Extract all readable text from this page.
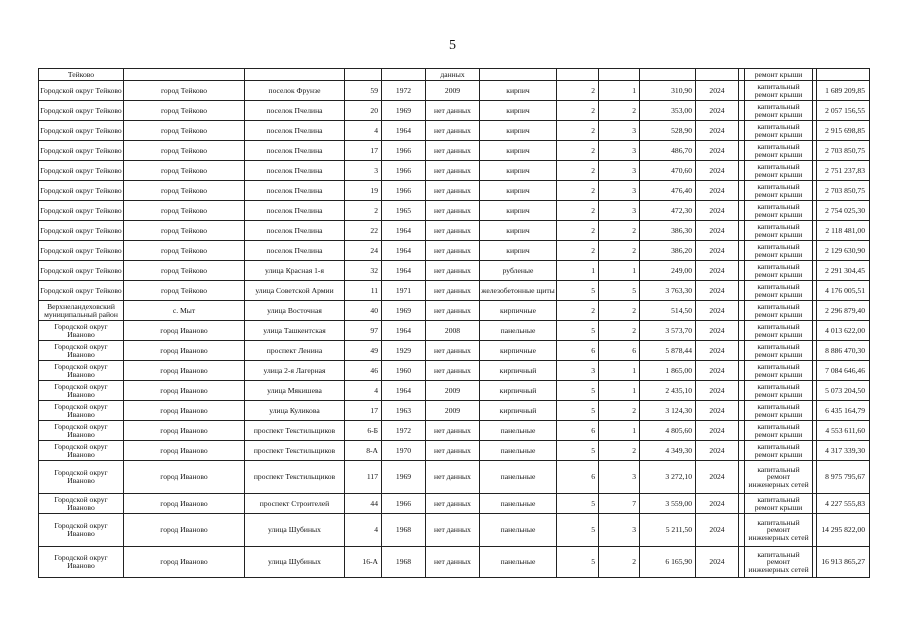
5
Тейково					данных							ремонт крыши		
Городской округ Тейково	город Тейково	поселок Фрунзе	59	1972	2009	кирпич	2	1	310,90	2024		капитальный ремонт крыши		1 689 209,85
Городской округ Тейково	город Тейково	поселок Пчелина	20	1969	нет данных	кирпич	2	2	353,00	2024		капитальный ремонт крыши		2 057 156,55
Городской округ Тейково	город Тейково	поселок Пчелина	4	1964	нет данных	кирпич	2	3	528,90	2024		капитальный ремонт крыши		2 915 698,85
Городской округ Тейково	город Тейково	поселок Пчелина	17	1966	нет данных	кирпич	2	3	486,70	2024		капитальный ремонт крыши		2 703 850,75
Городской округ Тейково	город Тейково	поселок Пчелина	3	1966	нет данных	кирпич	2	3	470,60	2024		капитальный ремонт крыши		2 751 237,83
Городской округ Тейково	город Тейково	поселок Пчелина	19	1966	нет данных	кирпич	2	3	476,40	2024		капитальный ремонт крыши		2 703 850,75
Городской округ Тейково	город Тейково	поселок Пчелина	2	1965	нет данных	кирпич	2	3	472,30	2024		капитальный ремонт крыши		2 754 025,30
Городской округ Тейково	город Тейково	поселок Пчелина	22	1964	нет данных	кирпич	2	2	386,30	2024		капитальный ремонт крыши		2 118 481,00
Городской округ Тейково	город Тейково	поселок Пчелина	24	1964	нет данных	кирпич	2	2	386,20	2024		капитальный ремонт крыши		2 129 630,90
Городской округ Тейково	город Тейково	улица Красная 1-я	32	1964	нет данных	рубленые	1	1	249,00	2024		капитальный ремонт крыши		2 291 304,45
Городской округ Тейково	город Тейково	улица Советской Армии	11	1971	нет данных	железобетонные щиты	5	5	3 763,30	2024		капитальный ремонт крыши		4 176 005,51
Верхнеландеховский муниципальный район	с. Мыт	улица Восточная	40	1969	нет данных	кирпичные	2	2	514,50	2024		капитальный ремонт крыши		2 296 879,40
Городской округ Иваново	город Иваново	улица Ташкентская	97	1964	2008	панельные	5	2	3 573,70	2024		капитальный ремонт крыши		4 013 622,00
Городской округ Иваново	город Иваново	проспект Ленина	49	1929	нет данных	кирпичные	6	6	5 878,44	2024		капитальный ремонт крыши		8 886 470,30
Городской округ Иваново	город Иваново	улица 2-я Лагерная	46	1960	нет данных	кирпичный	3	1	1 865,00	2024		капитальный ремонт крыши		7 084 646,46
Городской округ Иваново	город Иваново	улица Мякишева	4	1964	2009	кирпичный	5	1	2 435,10	2024		капитальный ремонт крыши		5 073 204,50
Городской округ Иваново	город Иваново	улица Куликова	17	1963	2009	кирпичный	5	2	3 124,30	2024		капитальный ремонт крыши		6 435 164,79
Городской округ Иваново	город Иваново	проспект Текстильщиков	6-Б	1972	нет данных	панельные	6	1	4 805,60	2024		капитальный ремонт крыши		4 553 611,60
Городской округ Иваново	город Иваново	проспект Текстильщиков	8-А	1970	нет данных	панельные	5	2	4 349,30	2024		капитальный ремонт крыши		4 317 339,30
Городской округ Иваново	город Иваново	проспект Текстильщиков	117	1969	нет данных	панельные	6	3	3 272,10	2024		капитальный ремонт инженерных сетей		8 975 795,67
Городской округ Иваново	город Иваново	проспект Строителей	44	1966	нет данных	панельные	5	7	3 559,00	2024		капитальный ремонт крыши		4 227 555,83
Городской округ Иваново	город Иваново	улица Шубиных	4	1968	нет данных	панельные	5	3	5 211,50	2024		капитальный ремонт инженерных сетей		14 295 822,00
Городской округ Иваново	город Иваново	улица Шубиных	16-А	1968	нет данных	панельные	5	2	6 165,90	2024		капитальный ремонт инженерных сетей		16 913 865,27
